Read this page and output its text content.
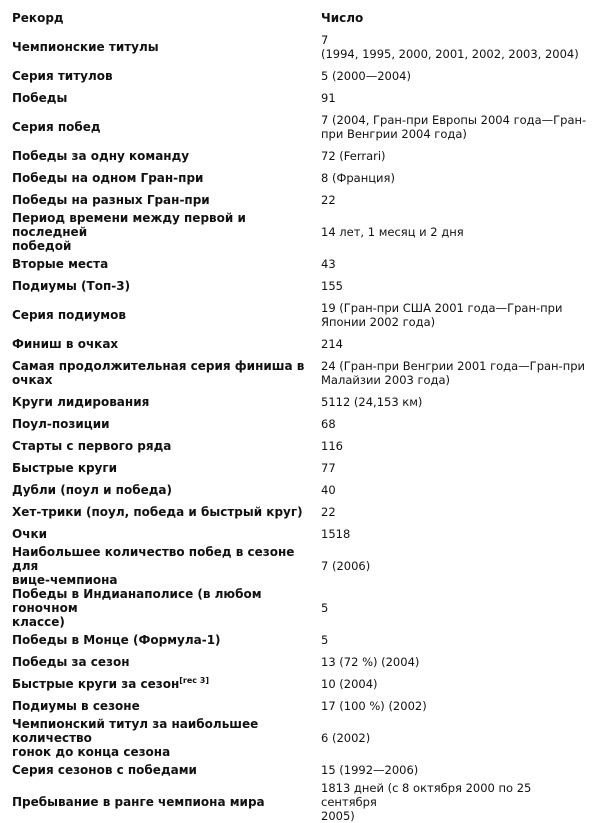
Рекорд	Число
Чемпионские титулы	7
(1994, 1995, 2000, 2001, 2002, 2003, 2004)
Серия титулов	5 (2000—2004)
Победы	91
Серия побед	7 (2004, Гран-при Европы 2004 года—Гран-
при Венгрии 2004 года)
Победы за одну команду	72 (Ferrari)
Победы на одном Гран-при	8 (Франция)
Победы на разных Гран-при	22
Период времени между первой и последней
победой	14 лет, 1 месяц и 2 дня
Вторые места	43
Подиумы (Топ-3)	155
Серия подиумов	19 (Гран-при США 2001 года—Гран-при
Японии 2002 года)
Финиш в очках	214
Самая продолжительная серия финиша в
очках	24 (Гран-при Венгрии 2001 года—Гран-при
Малайзии 2003 года)
Круги лидирования	5112 (24,153 км)
Поул-позиции	68
Старты с первого ряда	116
Быстрые круги	77
Дубли (поул и победа)	40
Хет-трики (поул, победа и быстрый круг)	22
Очки	1518
Наибольшее количество побед в сезоне для
вице-чемпиона	7 (2006)
Победы в Индианаполисе (в любом гоночном
классе)	5
Победы в Монце (Формула-1)	5
Победы за сезон	13 (72 %) (2004)
Быстрые круги за сезон[rec 3]	10 (2004)
Подиумы в сезоне	17 (100 %) (2002)
Чемпионский титул за наибольшее количество
гонок до конца сезона	6 (2002)
Серия сезонов с победами	15 (1992—2006)
Пребывание в ранге чемпиона мира	1813 дней (с 8 октября 2000 по 25 сентября
2005)
